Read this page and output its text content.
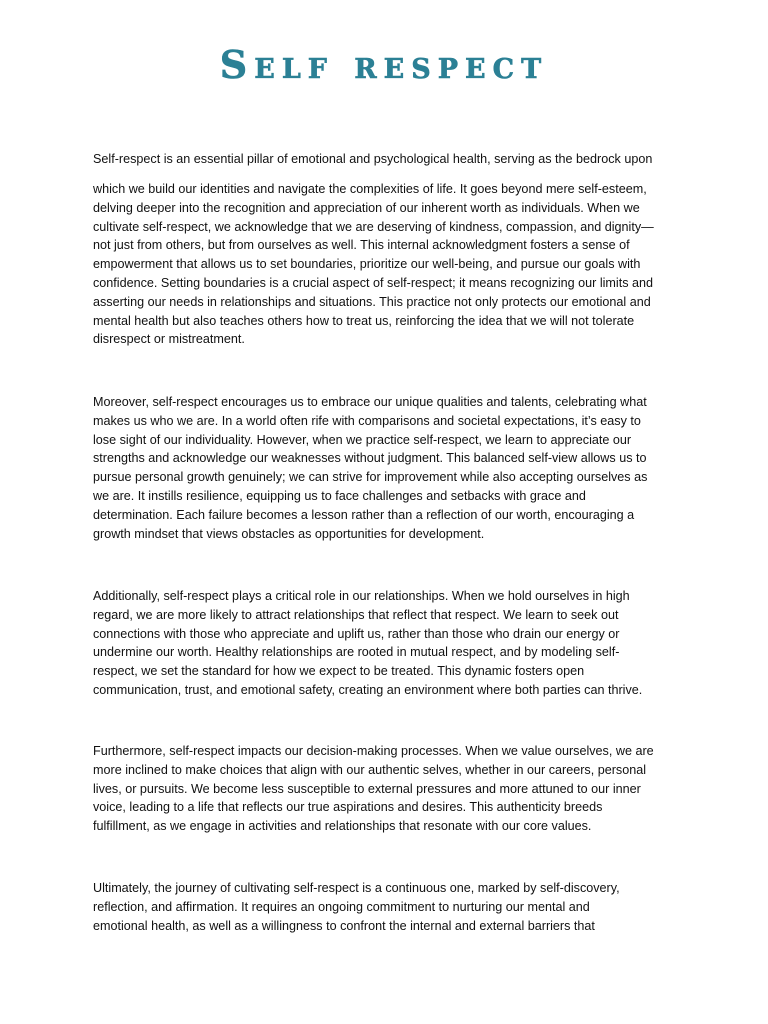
Self respect
Self-respect is an essential pillar of emotional and psychological health, serving as the bedrock upon
which we build our identities and navigate the complexities of life. It goes beyond mere self-esteem,
delving deeper into the recognition and appreciation of our inherent worth as individuals. When we
cultivate self-respect, we acknowledge that we are deserving of kindness, compassion, and dignity—
not just from others, but from ourselves as well. This internal acknowledgment fosters a sense of
empowerment that allows us to set boundaries, prioritize our well-being, and pursue our goals with
confidence. Setting boundaries is a crucial aspect of self-respect; it means recognizing our limits and
asserting our needs in relationships and situations. This practice not only protects our emotional and
mental health but also teaches others how to treat us, reinforcing the idea that we will not tolerate
disrespect or mistreatment.
Moreover, self-respect encourages us to embrace our unique qualities and talents, celebrating what
makes us who we are. In a world often rife with comparisons and societal expectations, it’s easy to
lose sight of our individuality. However, when we practice self-respect, we learn to appreciate our
strengths and acknowledge our weaknesses without judgment. This balanced self-view allows us to
pursue personal growth genuinely; we can strive for improvement while also accepting ourselves as
we are. It instills resilience, equipping us to face challenges and setbacks with grace and
determination. Each failure becomes a lesson rather than a reflection of our worth, encouraging a
growth mindset that views obstacles as opportunities for development.
Additionally, self-respect plays a critical role in our relationships. When we hold ourselves in high
regard, we are more likely to attract relationships that reflect that respect. We learn to seek out
connections with those who appreciate and uplift us, rather than those who drain our energy or
undermine our worth. Healthy relationships are rooted in mutual respect, and by modeling self-
respect, we set the standard for how we expect to be treated. This dynamic fosters open
communication, trust, and emotional safety, creating an environment where both parties can thrive.
Furthermore, self-respect impacts our decision-making processes. When we value ourselves, we are
more inclined to make choices that align with our authentic selves, whether in our careers, personal
lives, or pursuits. We become less susceptible to external pressures and more attuned to our inner
voice, leading to a life that reflects our true aspirations and desires. This authenticity breeds
fulfillment, as we engage in activities and relationships that resonate with our core values.
Ultimately, the journey of cultivating self-respect is a continuous one, marked by self-discovery,
reflection, and affirmation. It requires an ongoing commitment to nurturing our mental and
emotional health, as well as a willingness to confront the internal and external barriers that
